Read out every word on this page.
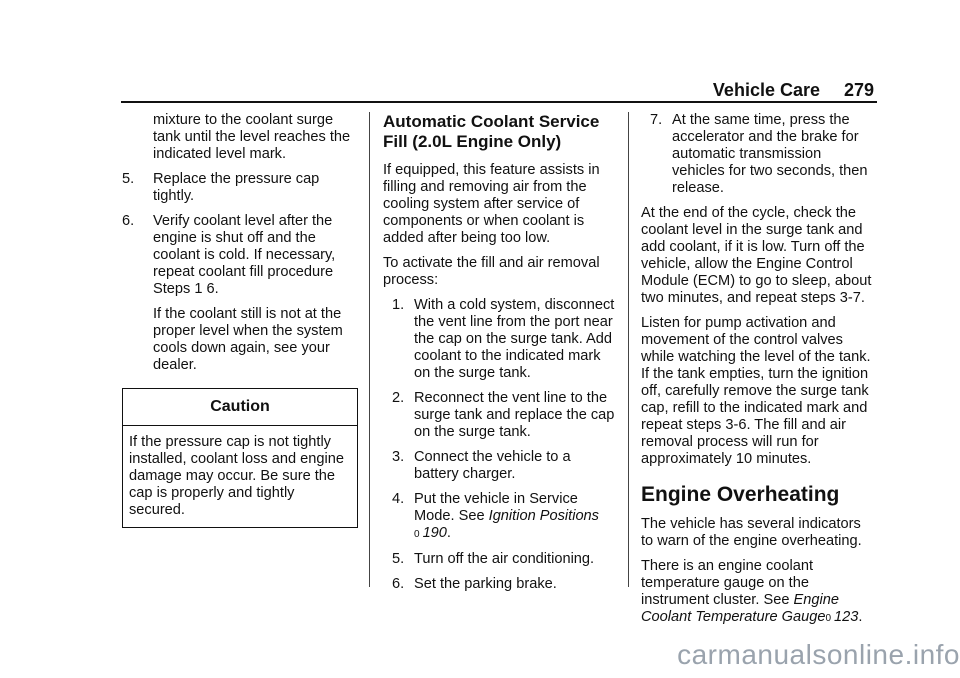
Vehicle Care 279

mixture to the coolant surge tank until the level reaches the indicated level mark.

5.	Replace the pressure cap tightly.
6.	Verify coolant level after the engine is shut off and the coolant is cold. If necessary, repeat coolant fill procedure Steps 1 6.

If the coolant still is not at the proper level when the system cools down again, see your dealer.

Caution
If the pressure cap is not tightly installed, coolant loss and engine damage may occur. Be sure the cap is properly and tightly secured.
Automatic Coolant Service Fill (2.0L Engine Only)

If equipped, this feature assists in filling and removing air from the cooling system after service of components or when coolant is added after being too low.

To activate the fill and air removal process:

1. With a cold system, disconnect the vent line from the port near the cap on the surge tank. Add coolant to the indicated mark on the surge tank.
2. Reconnect the vent line to the surge tank and replace the cap on the surge tank.
3. Connect the vehicle to a battery charger.
4. Put the vehicle in Service Mode. See Ignition Positions
0 190.
5. Turn off the air conditioning.
6. Set the parking brake.
7. At the same time, press the accelerator and the brake for automatic transmission vehicles for two seconds, then release.

At the end of the cycle, check the coolant level in the surge tank and add coolant, if it is low. Turn off the vehicle, allow the Engine Control Module (ECM) to go to sleep, about two minutes, and repeat steps 3-7.

Listen for pump activation and movement of the control valves while watching the level of the tank. If the tank empties, turn the ignition off, carefully remove the surge tank cap, refill to the indicated mark and repeat steps 3-6. The fill and air removal process will run for approximately 10 minutes.

Engine Overheating

The vehicle has several indicators to warn of the engine overheating.

There is an engine coolant temperature gauge on the instrument cluster. See Engine Coolant Temperature Gauge0 123.

carmanualsonline.info
